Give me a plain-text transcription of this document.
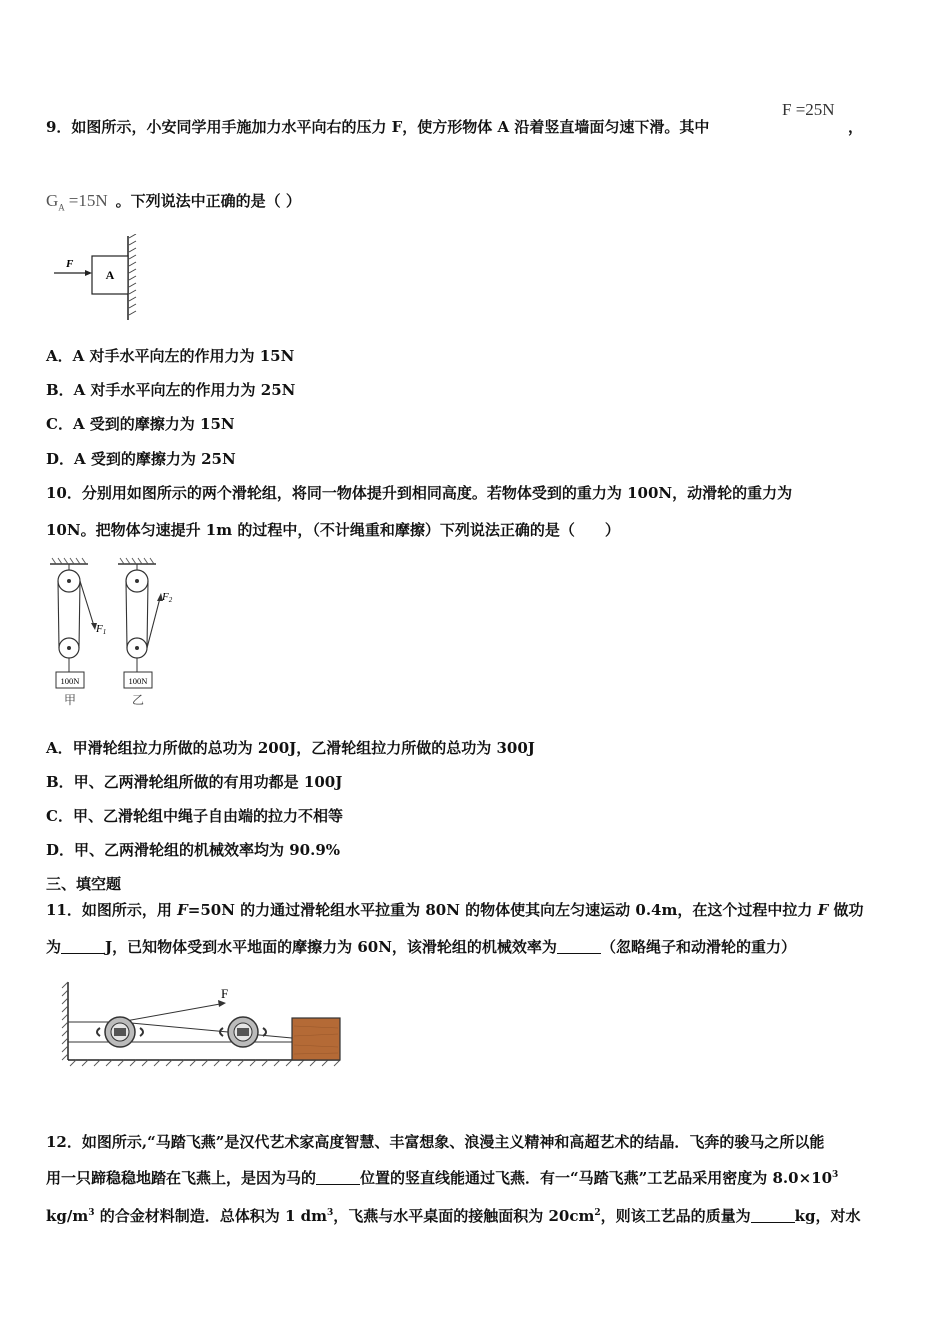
9．如图所示，小安同学用手施加力水平向右的压力 F，使方形物体 A 沿着竖直墙面匀速下滑。其中
F =25N
，
$G_A =15N$ 。下列说法中正确的是（ ）
A
F
A．A 对手水平向左的作用力为 15N
B．A 对手水平向左的作用力为 25N
C．A 受到的摩擦力为 15N
D．A 受到的摩擦力为 25N
10．分别用如图所示的两个滑轮组，将同一物体提升到相同高度。若物体受到的重力为 100N，动滑轮的重力为
10N。把物体匀速提升 1m 的过程中，（不计绳重和摩擦）下列说法正确的是（　　）
F1
100N
甲
F2
100N
乙
A．甲滑轮组拉力所做的总功为 200J，乙滑轮组拉力所做的总功为 300J
B．甲、乙两滑轮组所做的有用功都是 100J
C．甲、乙滑轮组中绳子自由端的拉力不相等
D．甲、乙两滑轮组的机械效率均为 90.9%
三、填空题
11．如图所示，用 F=50N 的力通过滑轮组水平拉重为 80N 的物体使其向左匀速运动 0.4m，在这个过程中拉力 F 做功
为	J，已知物体受到水平地面的摩擦力为 60N，该滑轮组的机械效率为	（忽略绳子和动滑轮的重力）
F
12．如图所示,“马踏飞燕”是汉代艺术家高度智慧、丰富想象、浪漫主义精神和高超艺术的结晶．飞奔的骏马之所以能
用一只蹄稳稳地踏在飞燕上，是因为马的	位置的竖直线能通过飞燕．有一“马踏飞燕”工艺品采用密度为 $8.0\times 10^3$
$kg/m^3$ 的合金材料制造．总体积为 1 $dm^3$，飞燕与水平桌面的接触面积为 $20cm^2$，则该工艺品的质量为	kg，对水
